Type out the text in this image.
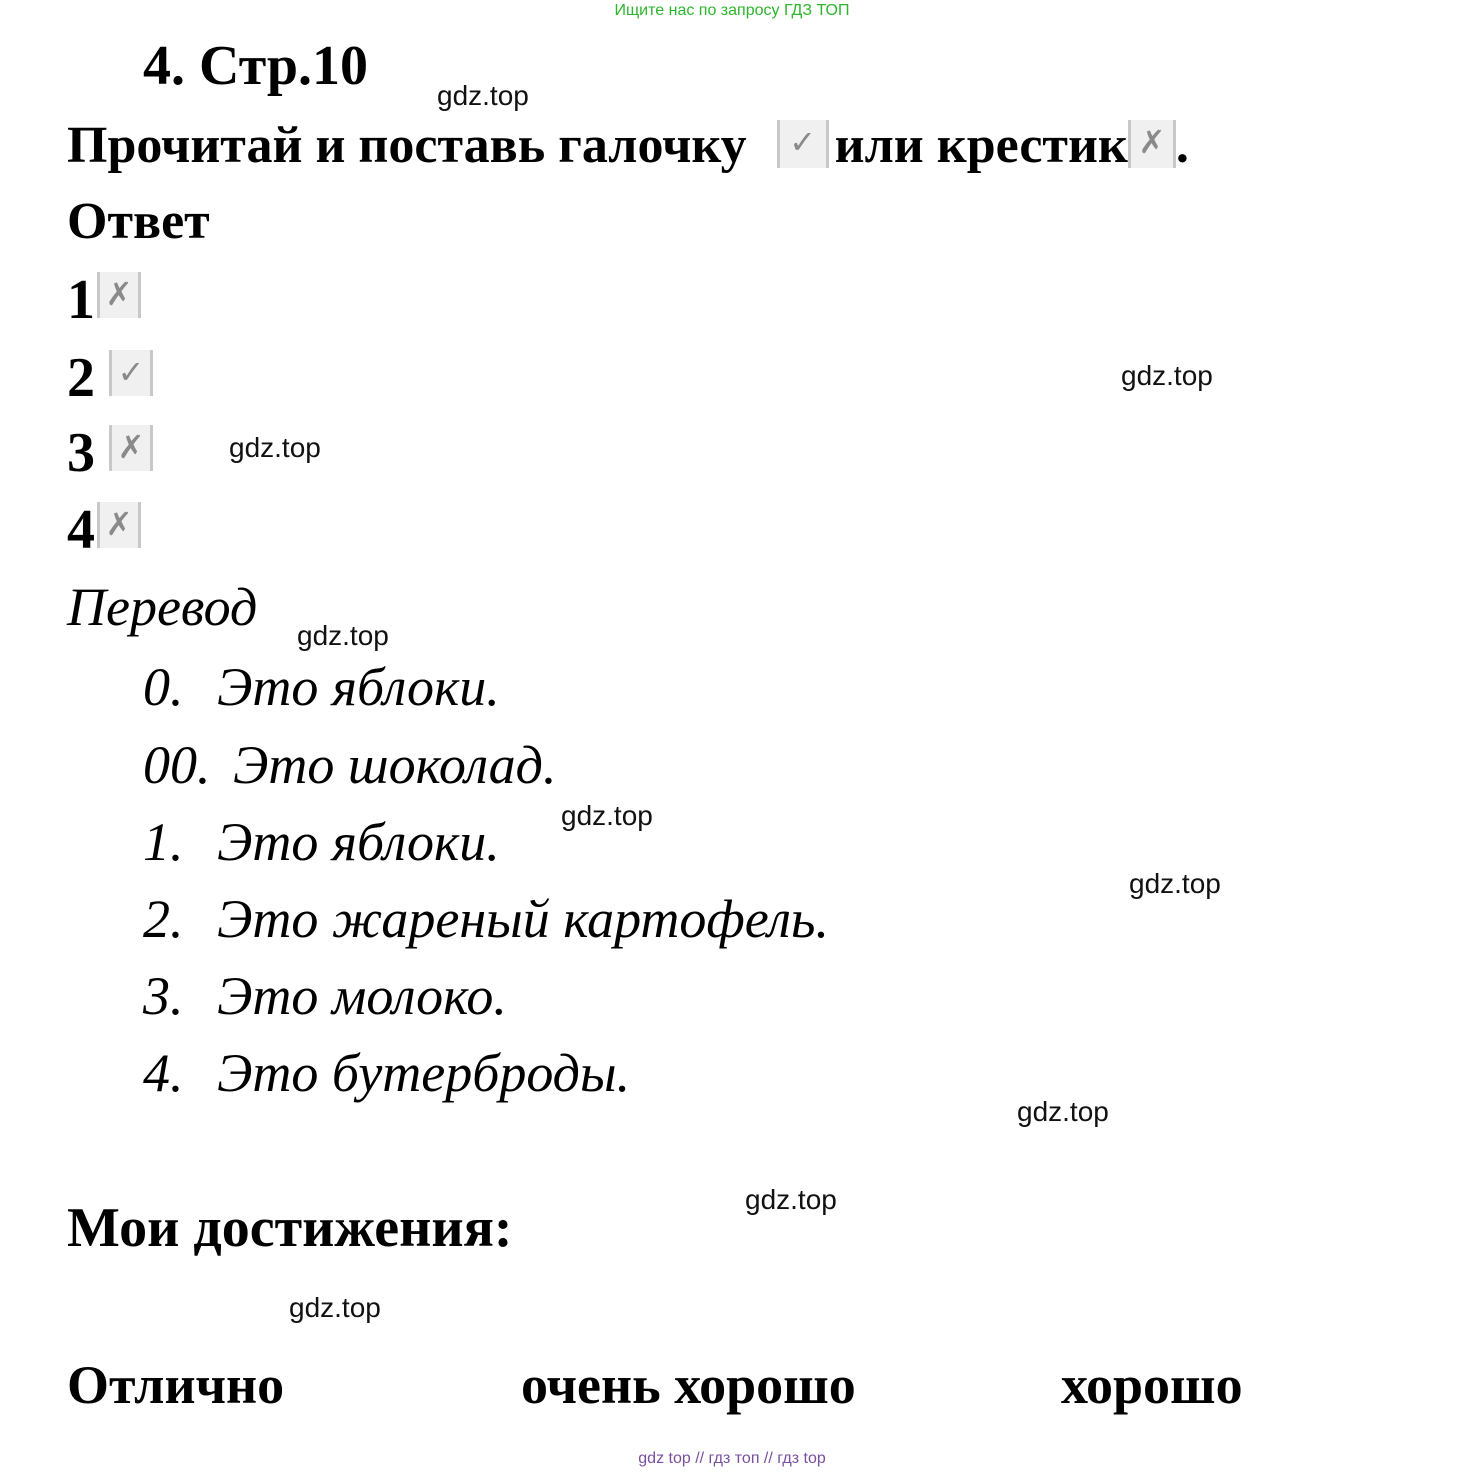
Ищите нас по запросу ГДЗ ТОП
4. Стр.10 gdz.top
Прочитай и поставь галочку ✓ или крестик ✗ .
Ответ
1 ✗
2 ✓
3 ✗
4 ✗
gdz.top
gdz.top
Перевод gdz.top
0. Это яблоки.
00. Это шоколад.
1. Это яблоки.
2. Это жареный картофель.
3. Это молоко.
4. Это бутерброды.
gdz.top
gdz.top
gdz.top
gdz.top
Мои достижения:
gdz.top
Отлично	очень хорошо	хорошо
gdz top // гдз топ // гдз top
